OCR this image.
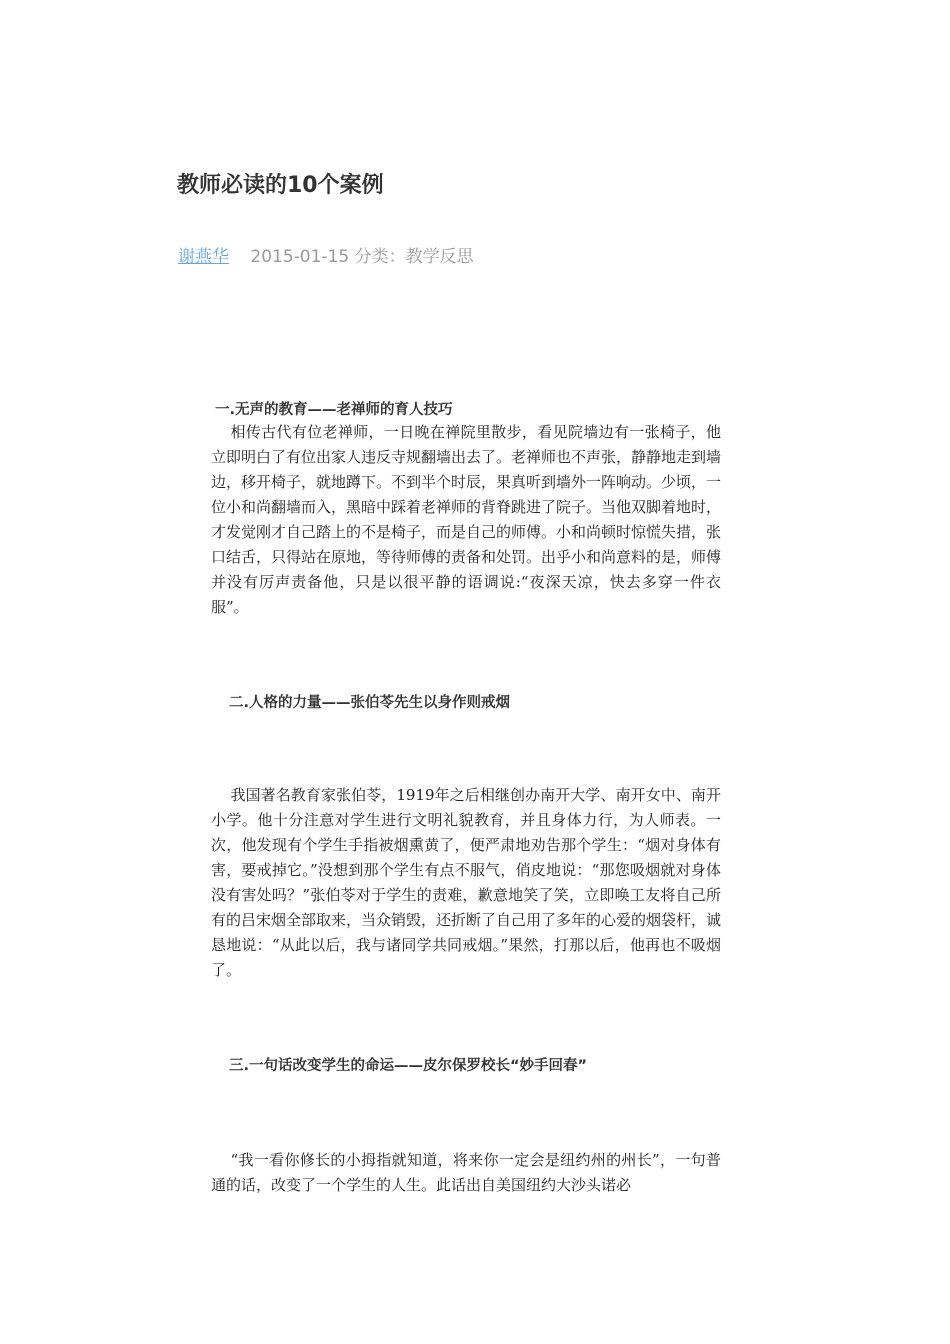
教师必读的10个案例
谢燕华 2015-01-15 分类：教学反思
一.无声的教育——老禅师的育人技巧

相传古代有位老禅师，一日晚在禅院里散步，看见院墙边有一张椅子，他立即明白了有位出家人违反寺规翻墙出去了。老禅师也不声张，静静地走到墙边，移开椅子，就地蹲下。不到半个时辰，果真听到墙外一阵响动。少顷，一位小和尚翻墙而入，黑暗中踩着老禅师的背脊跳进了院子。当他双脚着地时，才发觉刚才自己踏上的不是椅子，而是自己的师傅。小和尚顿时惊慌失措，张口结舌，只得站在原地，等待师傅的责备和处罚。出乎小和尚意料的是，师傅并没有厉声责备他，只是以很平静的语调说:“夜深天凉，快去多穿一件衣服”。

二.人格的力量——张伯苓先生以身作则戒烟

我国著名教育家张伯苓，1919年之后相继创办南开大学、南开女中、南开小学。他十分注意对学生进行文明礼貌教育，并且身体力行，为人师表。一次，他发现有个学生手指被烟熏黄了，便严肃地劝告那个学生：“烟对身体有害，要戒掉它。”没想到那个学生有点不服气，俏皮地说：“那您吸烟就对身体没有害处吗？”张伯苓对于学生的责难，歉意地笑了笑，立即唤工友将自己所有的吕宋烟全部取来，当众销毁，还折断了自己用了多年的心爱的烟袋杆，诚恳地说：“从此以后，我与诸同学共同戒烟。”果然，打那以后，他再也不吸烟了。

三.一句话改变学生的命运——皮尔保罗校长“妙手回春”

“我一看你修长的小拇指就知道，将来你一定会是纽约州的州长”，一句普通的话，改变了一个学生的人生。此话出自美国纽约大沙头诺必
